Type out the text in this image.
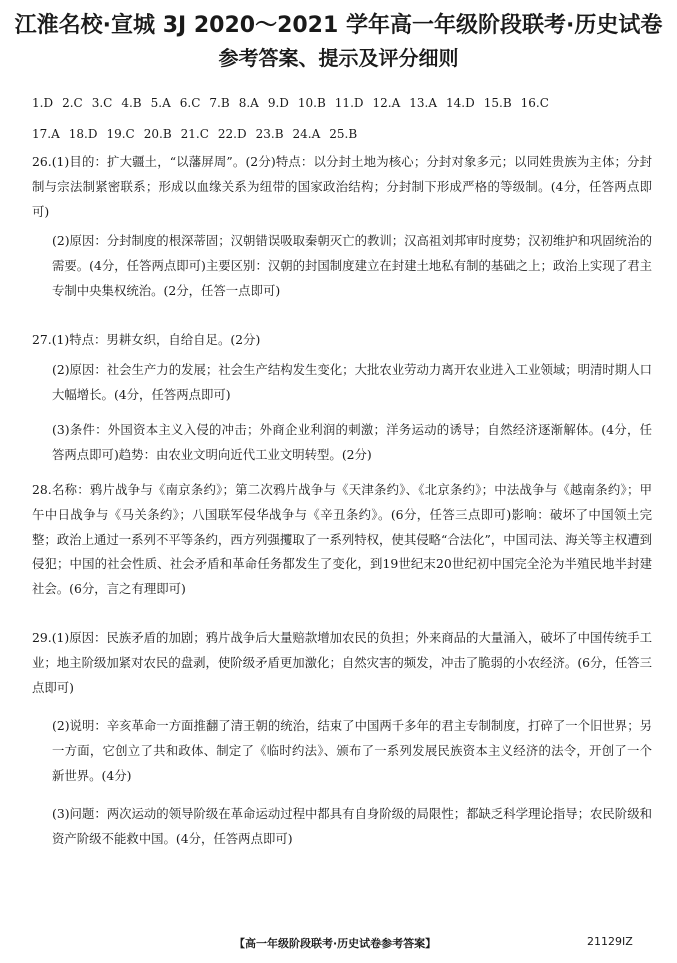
江淮名校·宣城 3J 2020～2021 学年高一年级阶段联考·历史试卷
参考答案、提示及评分细则
1.D 2.C 3.C 4.B 5.A 6.C 7.B 8.A 9.D 10.B 11.D 12.A 13.A 14.D 15.B 16.C
17.A 18.D 19.C 20.B 21.C 22.D 23.B 24.A 25.B
26.(1)目的：扩大疆土，“以藩屏周”。(2分)特点：以分封土地为核心；分封对象多元；以同姓贵族为主体；分封制与宗法制紧密联系；形成以血缘关系为纽带的国家政治结构；分封制下形成严格的等级制。(4分，任答两点即可)
(2)原因：分封制度的根深蒂固；汉朝错误吸取秦朝灭亡的教训；汉高祖刘邦审时度势；汉初维护和巩固统治的需要。(4分，任答两点即可)主要区别：汉朝的封国制度建立在封建土地私有制的基础之上；政治上实现了君主专制中央集权统治。(2分，任答一点即可)
27.(1)特点：男耕女织，自给自足。(2分)
(2)原因：社会生产力的发展；社会生产结构发生变化；大批农业劳动力离开农业进入工业领域；明清时期人口大幅增长。(4分，任答两点即可)
(3)条件：外国资本主义入侵的冲击；外商企业利润的刺激；洋务运动的诱导；自然经济逐渐解体。(4分，任答两点即可)趋势：由农业文明向近代工业文明转型。(2分)
28.名称：鸦片战争与《南京条约》；第二次鸦片战争与《天津条约》、《北京条约》；中法战争与《越南条约》；甲午中日战争与《马关条约》；八国联军侵华战争与《辛丑条约》。(6分，任答三点即可)影响：破坏了中国领土完整；政治上通过一系列不平等条约，西方列强攫取了一系列特权，使其侵略“合法化”，中国司法、海关等主权遭到侵犯；中国的社会性质、社会矛盾和革命任务都发生了变化，到19世纪末20世纪初中国完全沦为半殖民地半封建社会。(6分，言之有理即可)
29.(1)原因：民族矛盾的加剧；鸦片战争后大量赔款增加农民的负担；外来商品的大量涌入，破坏了中国传统手工业；地主阶级加紧对农民的盘剥，使阶级矛盾更加激化；自然灾害的频发，冲击了脆弱的小农经济。(6分，任答三点即可)
(2)说明：辛亥革命一方面推翻了清王朝的统治，结束了中国两千多年的君主专制制度，打碎了一个旧世界；另一方面，它创立了共和政体、制定了《临时约法》、颁布了一系列发展民族资本主义经济的法令，开创了一个新世界。(4分)
(3)问题：两次运动的领导阶级在革命运动过程中都具有自身阶级的局限性；都缺乏科学理论指导；农民阶级和资产阶级不能救中国。(4分，任答两点即可)
【高一年级阶段联考·历史试卷参考答案】	21129IZ
